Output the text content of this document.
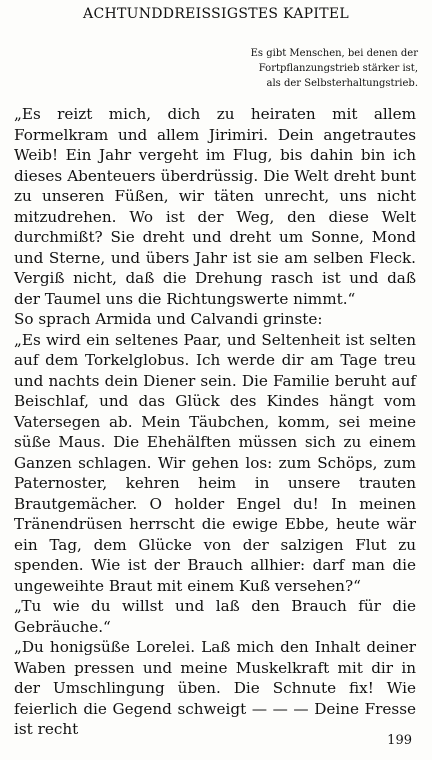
ACHTUNDDREISSIGSTES KAPITEL
Es gibt Menschen, bei denen der
Fortpflanzungstrieb stärker ist,
als der Selbsterhaltungstrieb.

„Es reizt mich, dich zu heiraten mit allem Formelkram und allem Jirimiri. Dein angetrautes Weib! Ein Jahr vergeht im Flug, bis dahin bin ich dieses Abenteuers überdrüssig. Die Welt dreht bunt zu unseren Füßen, wir täten unrecht, uns nicht mitzudrehen. Wo ist der Weg, den diese Welt durchmißt? Sie dreht und dreht um Sonne, Mond und Sterne, und übers Jahr ist sie am selben Fleck. Vergiß nicht, daß die Drehung rasch ist und daß der Taumel uns die Richtungswerte nimmt.“

So sprach Armida und Calvandi grinste:

„Es wird ein seltenes Paar, und Seltenheit ist selten auf dem Torkelglobus. Ich werde dir am Tage treu und nachts dein Diener sein. Die Familie beruht auf Beischlaf, und das Glück des Kindes hängt vom Vatersegen ab. Mein Täubchen, komm, sei meine süße Maus. Die Ehehälften müssen sich zu einem Ganzen schlagen. Wir gehen los: zum Schöps, zum Paternoster, kehren heim in unsere trauten Brautgemächer. O holder Engel du! In meinen Tränendrüsen herrscht die ewige Ebbe, heute wär ein Tag, dem Glücke von der salzigen Flut zu spenden. Wie ist der Brauch allhier: darf man die ungeweihte Braut mit einem Kuß versehen?“

„Tu wie du willst und laß den Brauch für die Gebräuche.“

„Du honigsüße Lorelei. Laß mich den Inhalt deiner Waben pressen und meine Muskelkraft mit dir in der Umschlingung üben. Die Schnute fix! Wie feierlich die Gegend schweigt — — — Deine Fresse ist recht

199
